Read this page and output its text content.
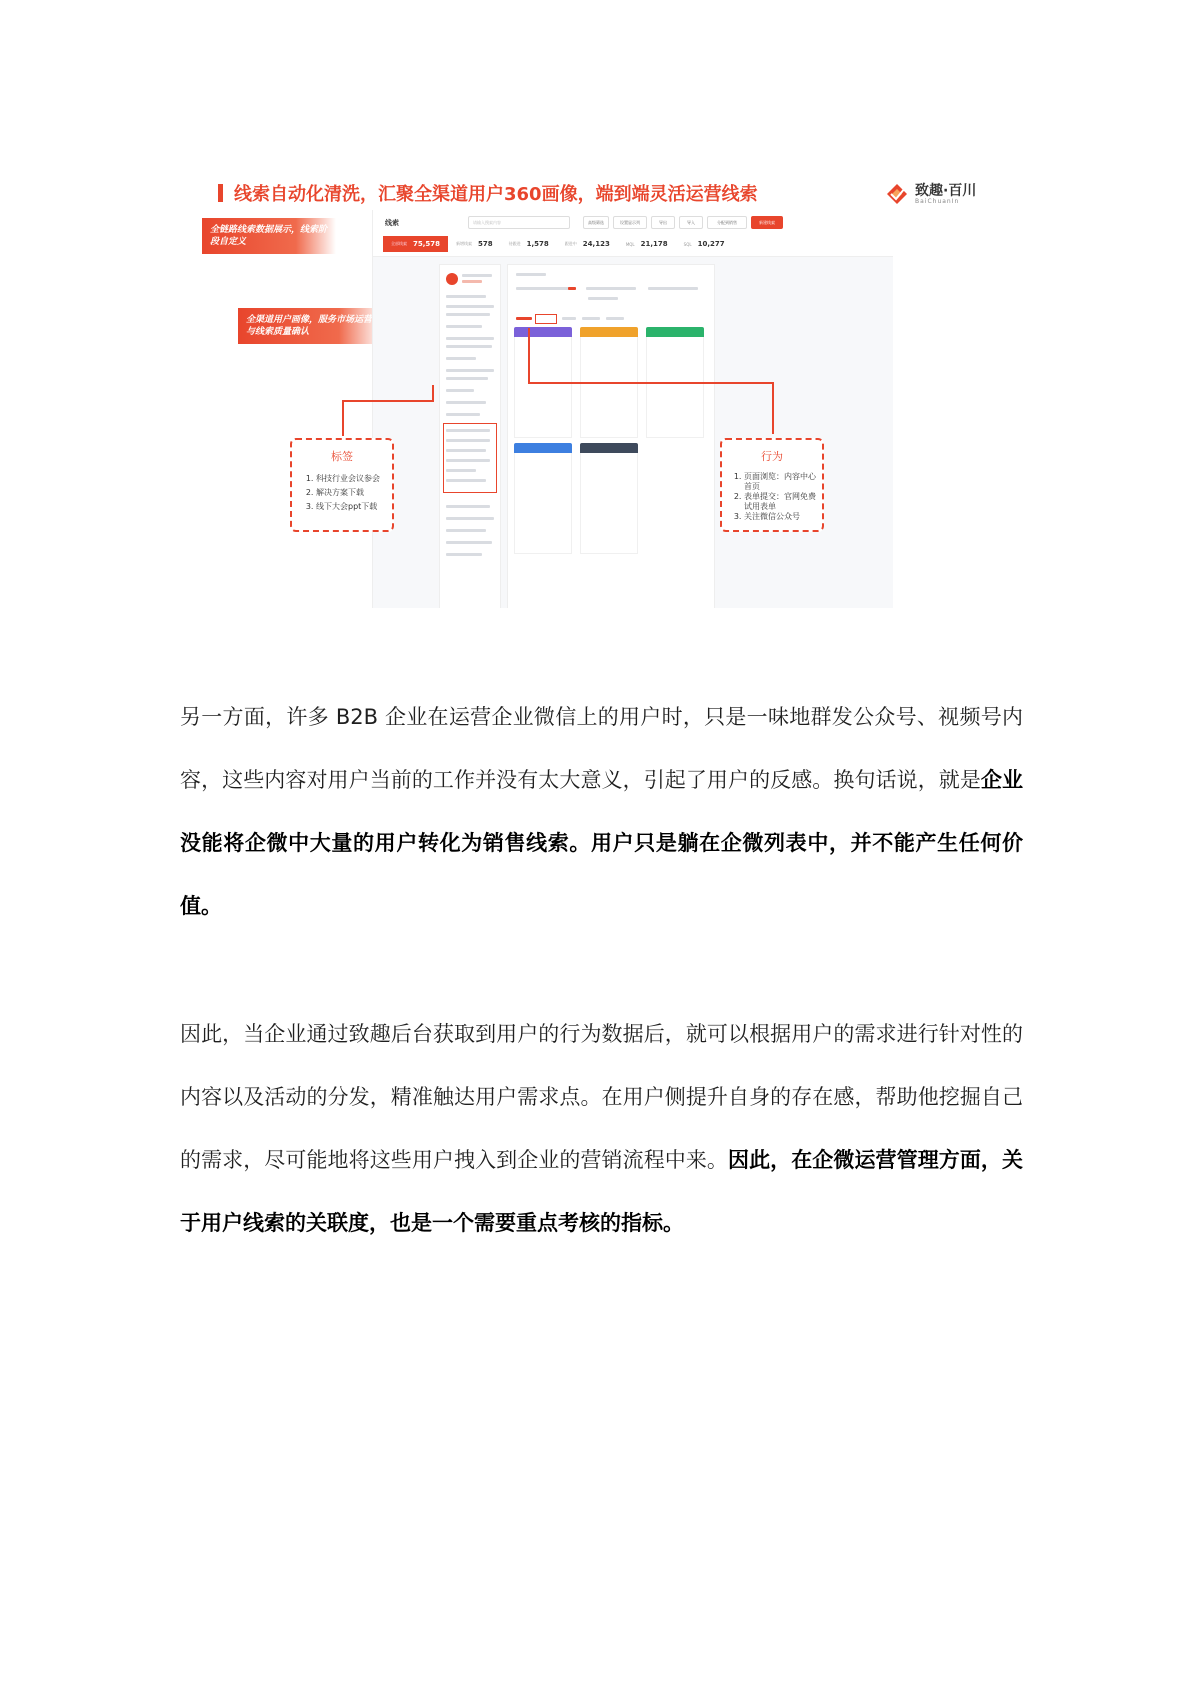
线索自动化清洗，汇聚全渠道用户360画像，端到端灵活运营线索	致趣·百川
BaiChuanIn
全链路线索数据展示，线索阶段自定义
全渠道用户画像，服务市场运营与线索质量确认
线索	请输入搜索内容	高级筛选	设置显示列	导出	导入	分配到销售	新建线索
全部线索 75,578	新增线索 578	待跟进 1,578	跟进中 24,123	MQL 21,178	SQL 10,277
标签
1. 科技行业会议参会
2. 解决方案下载
3. 线下大会ppt下载
行为
1. 页面浏览：内容中心首页
2. 表单提交：官网免费试用表单
3. 关注微信公众号
另一方面，许多 B2B 企业在运营企业微信上的用户时，只是一味地群发公众号、视频号内容，这些内容对用户当前的工作并没有太大意义，引起了用户的反感。换句话说，就是企业没能将企微中大量的用户转化为销售线索。用户只是躺在企微列表中，并不能产生任何价值。
因此，当企业通过致趣后台获取到用户的行为数据后，就可以根据用户的需求进行针对性的内容以及活动的分发，精准触达用户需求点。在用户侧提升自身的存在感，帮助他挖掘自己的需求，尽可能地将这些用户拽入到企业的营销流程中来。因此，在企微运营管理方面，关于用户线索的关联度，也是一个需要重点考核的指标。
